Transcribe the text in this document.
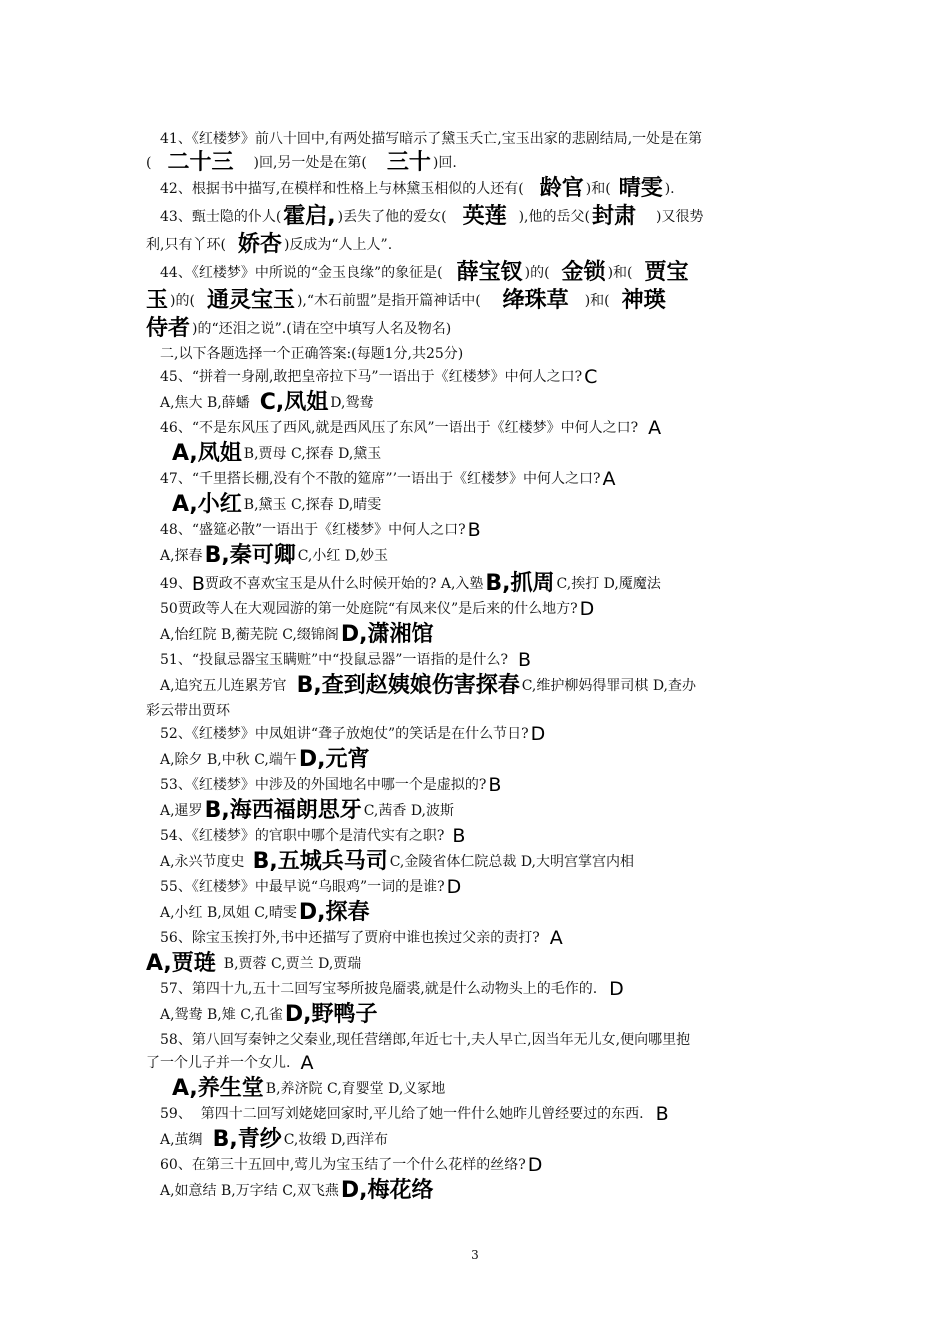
41、《红楼梦》前八十回中,有两处描写暗示了黛玉夭亡,宝玉出家的悲剧结局,一处是在第
( 二十三 )回,另一处是在第( 三十 )回.
42、根据书中描写,在模样和性格上与林黛玉相似的人还有( 龄官 )和( 晴雯 ).
43、甄士隐的仆人(霍启, )丢失了他的爱女( 英莲 ),他的岳父(封肃 )又很势
利,只有丫环( 娇杏 )反成为“人上人”.
44、《红楼梦》中所说的“金玉良缘”的象征是( 薛宝钗 )的( 金锁 )和( 贾宝
玉 )的( 通灵宝玉 ),“木石前盟”是指开篇神话中( 绛珠草 )和( 神瑛
侍者 )的“还泪之说”.(请在空中填写人名及物名)
二,以下各题选择一个正确答案:(每题1分,共25分)
45、“拼着一身剐,敢把皇帝拉下马”一语出于《红楼梦》中何人之口? C
A,焦大 B,薛蟠 C,凤姐 D,鸳鸯
46、“不是东风压了西风,就是西风压了东风”一语出于《红楼梦》中何人之口? A
A,凤姐 B,贾母 C,探春 D,黛玉
47、“千里搭长棚,没有个不散的筵席”’一语出于《红楼梦》中何人之口? A
A,小红 B,黛玉 C,探春 D,晴雯
48、“盛筵必散”一语出于《红楼梦》中何人之口? B
A,探春B,秦可卿 C,小红 D,妙玉
49、B贾政不喜欢宝玉是从什么时候开始的? A,入塾B,抓周 C,挨打 D,魇魔法
50贾政等人在大观园游的第一处庭院“有凤来仪”是后来的什么地方? D
A,怡红院 B,蘅芜院 C,缀锦阁D,潇湘馆
51、“投鼠忌器宝玉瞒赃”中“投鼠忌器”一语指的是什么? B
A,追究五儿连累芳官 B,查到赵姨娘伤害探春 C,维护柳妈得罪司棋 D,查办
彩云带出贾环
52、《红楼梦》中凤姐讲“聋子放炮仗”的笑话是在什么节日? D
A,除夕 B,中秋 C,端午D,元宵
53、《红楼梦》中涉及的外国地名中哪一个是虚拟的? B
A,暹罗B,海西福朗思牙 C,茜香 D,波斯
54、《红楼梦》的官职中哪个是清代实有之职? B
A,永兴节度史 B,五城兵马司 C,金陵省体仁院总裁 D,大明宫掌宫内相
55、《红楼梦》中最早说“乌眼鸡”一词的是谁? D
A,小红 B,凤姐 C,晴雯D,探春
56、除宝玉挨打外,书中还描写了贾府中谁也挨过父亲的责打? A
A,贾琏 B,贾蓉 C,贾兰 D,贾瑞
57、第四十九,五十二回写宝琴所披凫靥裘,就是什么动物头上的毛作的. D
A,鸳鸯 B,雉 C,孔雀D,野鸭子
58、第八回写秦钟之父秦业,现任营缮郎,年近七十,夫人早亡,因当年无儿女,便向哪里抱
了一个儿子并一个女儿. A
A,养生堂 B,养济院 C,育婴堂 D,义冢地
59、  第四十二回写刘姥姥回家时,平儿给了她一件什么她昨儿曾经要过的东西. B
A,茧绸 B,青纱 C,妆缎 D,西洋布
60、在第三十五回中,莺儿为宝玉结了一个什么花样的丝络? D
A,如意结 B,万字结 C,双飞燕D,梅花络
3
